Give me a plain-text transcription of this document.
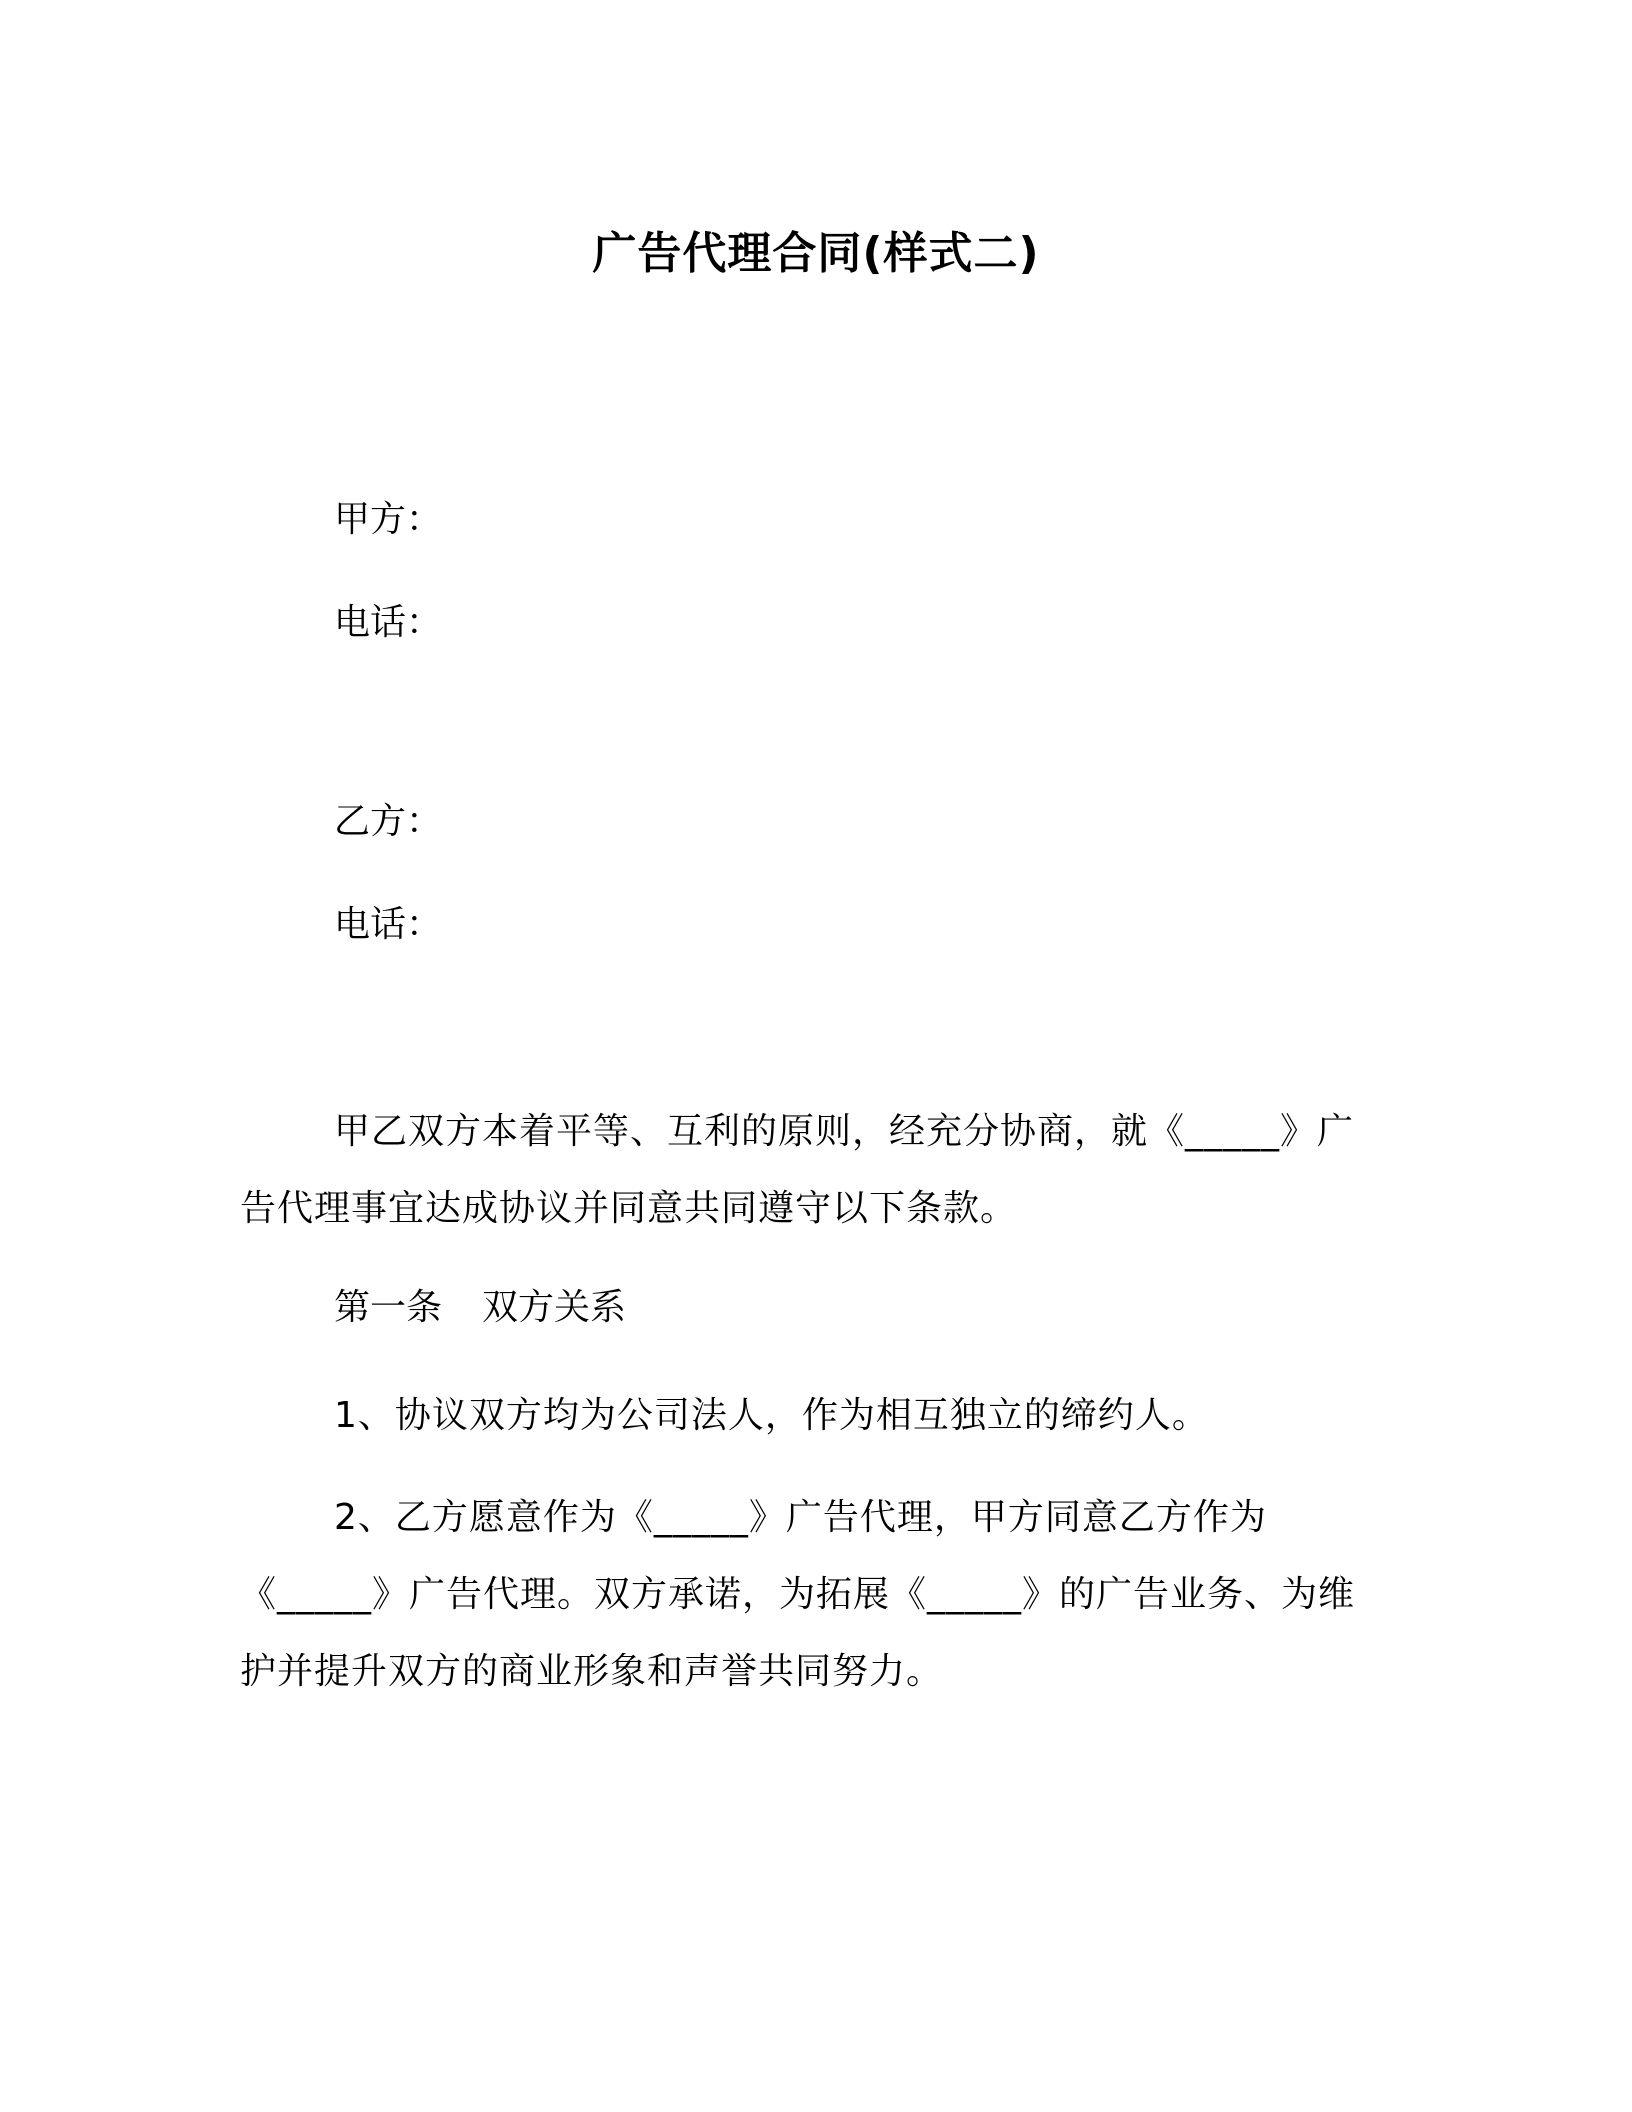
广告代理合同(样式二)
甲方：
电话：
乙方：
电话：

甲乙双方本着平等、互利的原则，经充分协商，就《_____》广告代理事宜达成协议并同意共同遵守以下条款。

第一条 双方关系

1、协议双方均为公司法人，作为相互独立的缔约人。

2、乙方愿意作为《_____》广告代理，甲方同意乙方作为《_____》广告代理。双方承诺，为拓展《_____》的广告业务、为维护并提升双方的商业形象和声誉共同努力。
